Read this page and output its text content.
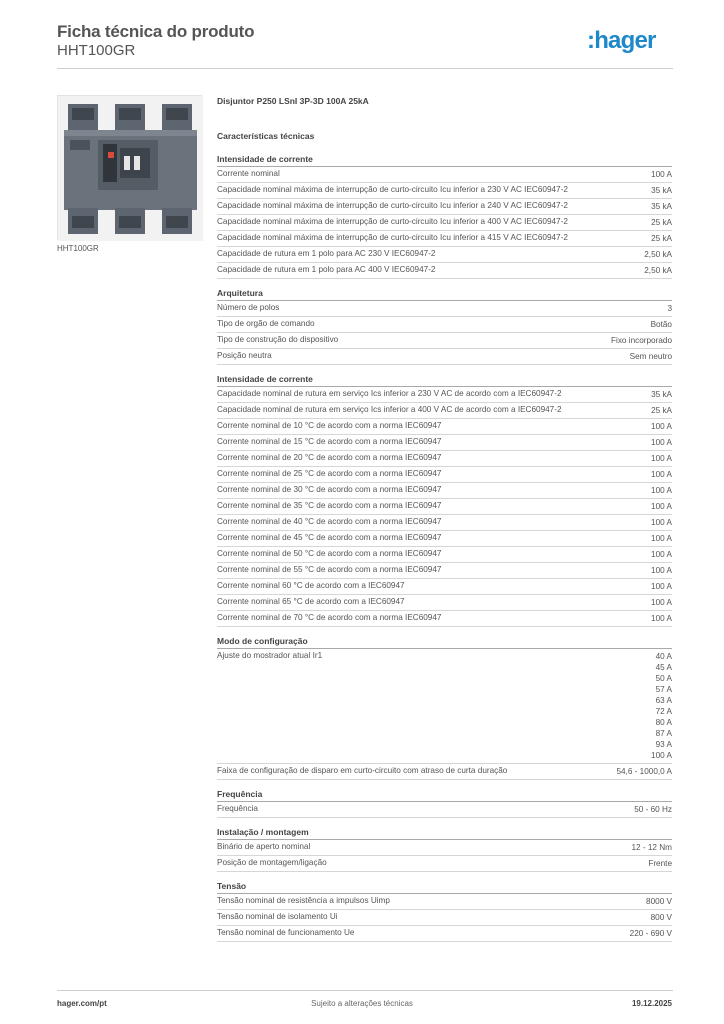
Ficha técnica do produto
HHT100GR	:hager
HHT100GR
Disjuntor P250 LSnI 3P-3D 100A 25kA
Características técnicas
Intensidade de corrente
Corrente nominal	100 A
Capacidade nominal máxima de interrupção de curto-circuito Icu inferior a 230 V AC IEC60947-2	35 kA
Capacidade nominal máxima de interrupção de curto-circuito Icu inferior a 240 V AC IEC60947-2	35 kA
Capacidade nominal máxima de interrupção de curto-circuito Icu inferior a 400 V AC IEC60947-2	25 kA
Capacidade nominal máxima de interrupção de curto-circuito Icu inferior a 415 V AC IEC60947-2	25 kA
Capacidade de rutura em 1 polo para AC 230 V IEC60947-2	2,50 kA
Capacidade de rutura em 1 polo para AC 400 V IEC60947-2	2,50 kA
Arquitetura
Número de polos	3
Tipo de orgão de comando	Botão
Tipo de construção do dispositivo	Fixo incorporado
Posição neutra	Sem neutro
Intensidade de corrente
Capacidade nominal de rutura em serviço Ics inferior a 230 V AC de acordo com a IEC60947-2	35 kA
Capacidade nominal de rutura em serviço Ics inferior a 400 V AC de acordo com a IEC60947-2	25 kA
Corrente nominal de 10 °C de acordo com a norma IEC60947	100 A
Corrente nominal de 15 °C de acordo com a norma IEC60947	100 A
Corrente nominal de 20 °C de acordo com a norma IEC60947	100 A
Corrente nominal de 25 °C de acordo com a norma IEC60947	100 A
Corrente nominal de 30 °C de acordo com a norma IEC60947	100 A
Corrente nominal de 35 °C de acordo com a norma IEC60947	100 A
Corrente nominal de 40 °C de acordo com a norma IEC60947	100 A
Corrente nominal de 45 °C de acordo com a norma IEC60947	100 A
Corrente nominal de 50 °C de acordo com a norma IEC60947	100 A
Corrente nominal de 55 °C de acordo com a norma IEC60947	100 A
Corrente nominal 60 °C de acordo com a IEC60947	100 A
Corrente nominal 65 °C de acordo com a IEC60947	100 A
Corrente nominal de 70 °C de acordo com a norma IEC60947	100 A
Modo de configuração
Ajuste do mostrador atual Ir1	40 A
45 A
50 A
57 A
63 A
72 A
80 A
87 A
93 A
100 A
Faixa de configuração de disparo em curto-circuito com atraso de curta duração	54,6 - 1000,0 A
Frequência
Frequência	50 - 60 Hz
Instalação / montagem
Binário de aperto nominal	12 - 12 Nm
Posição de montagem/ligação	Frente
Tensão
Tensão nominal de resistência a impulsos Uimp	8000 V
Tensão nominal de isolamento Ui	800 V
Tensão nominal de funcionamento Ue	220 - 690 V
Sujeito a alterações técnicas
hager.com/pt	19.12.2025
